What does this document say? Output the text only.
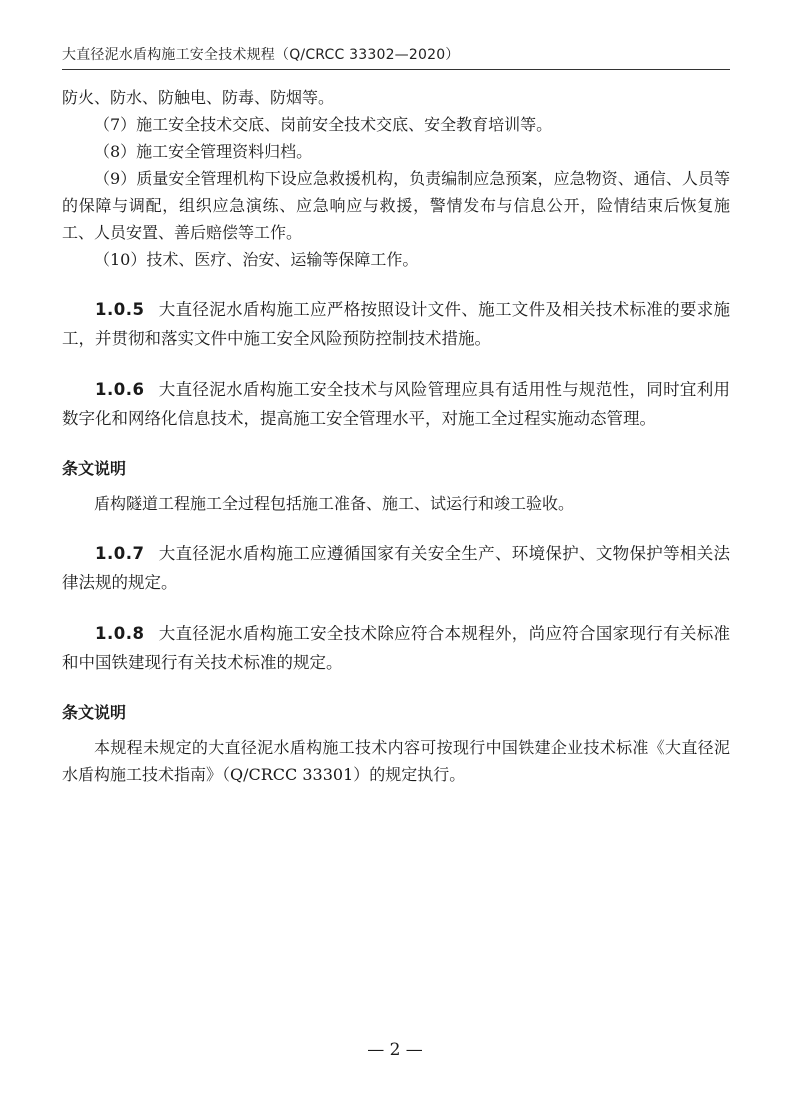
大直径泥水盾构施工安全技术规程（Q/CRCC 33302—2020）

防火、防水、防触电、防毒、防烟等。

（7）施工安全技术交底、岗前安全技术交底、安全教育培训等。

（8）施工安全管理资料归档。

（9）质量安全管理机构下设应急救援机构，负责编制应急预案，应急物资、通信、人员等的保障与调配，组织应急演练、应急响应与救援，警情发布与信息公开，险情结束后恢复施工、人员安置、善后赔偿等工作。

（10）技术、医疗、治安、运输等保障工作。

1.0.5 大直径泥水盾构施工应严格按照设计文件、施工文件及相关技术标准的要求施工，并贯彻和落实文件中施工安全风险预防控制技术措施。

1.0.6 大直径泥水盾构施工安全技术与风险管理应具有适用性与规范性，同时宜利用数字化和网络化信息技术，提高施工安全管理水平，对施工全过程实施动态管理。

条文说明

盾构隧道工程施工全过程包括施工准备、施工、试运行和竣工验收。

1.0.7 大直径泥水盾构施工应遵循国家有关安全生产、环境保护、文物保护等相关法律法规的规定。

1.0.8 大直径泥水盾构施工安全技术除应符合本规程外，尚应符合国家现行有关标准和中国铁建现行有关技术标准的规定。

条文说明

本规程未规定的大直径泥水盾构施工技术内容可按现行中国铁建企业技术标准《大直径泥水盾构施工技术指南》（Q/CRCC 33301）的规定执行。

— 2 —
